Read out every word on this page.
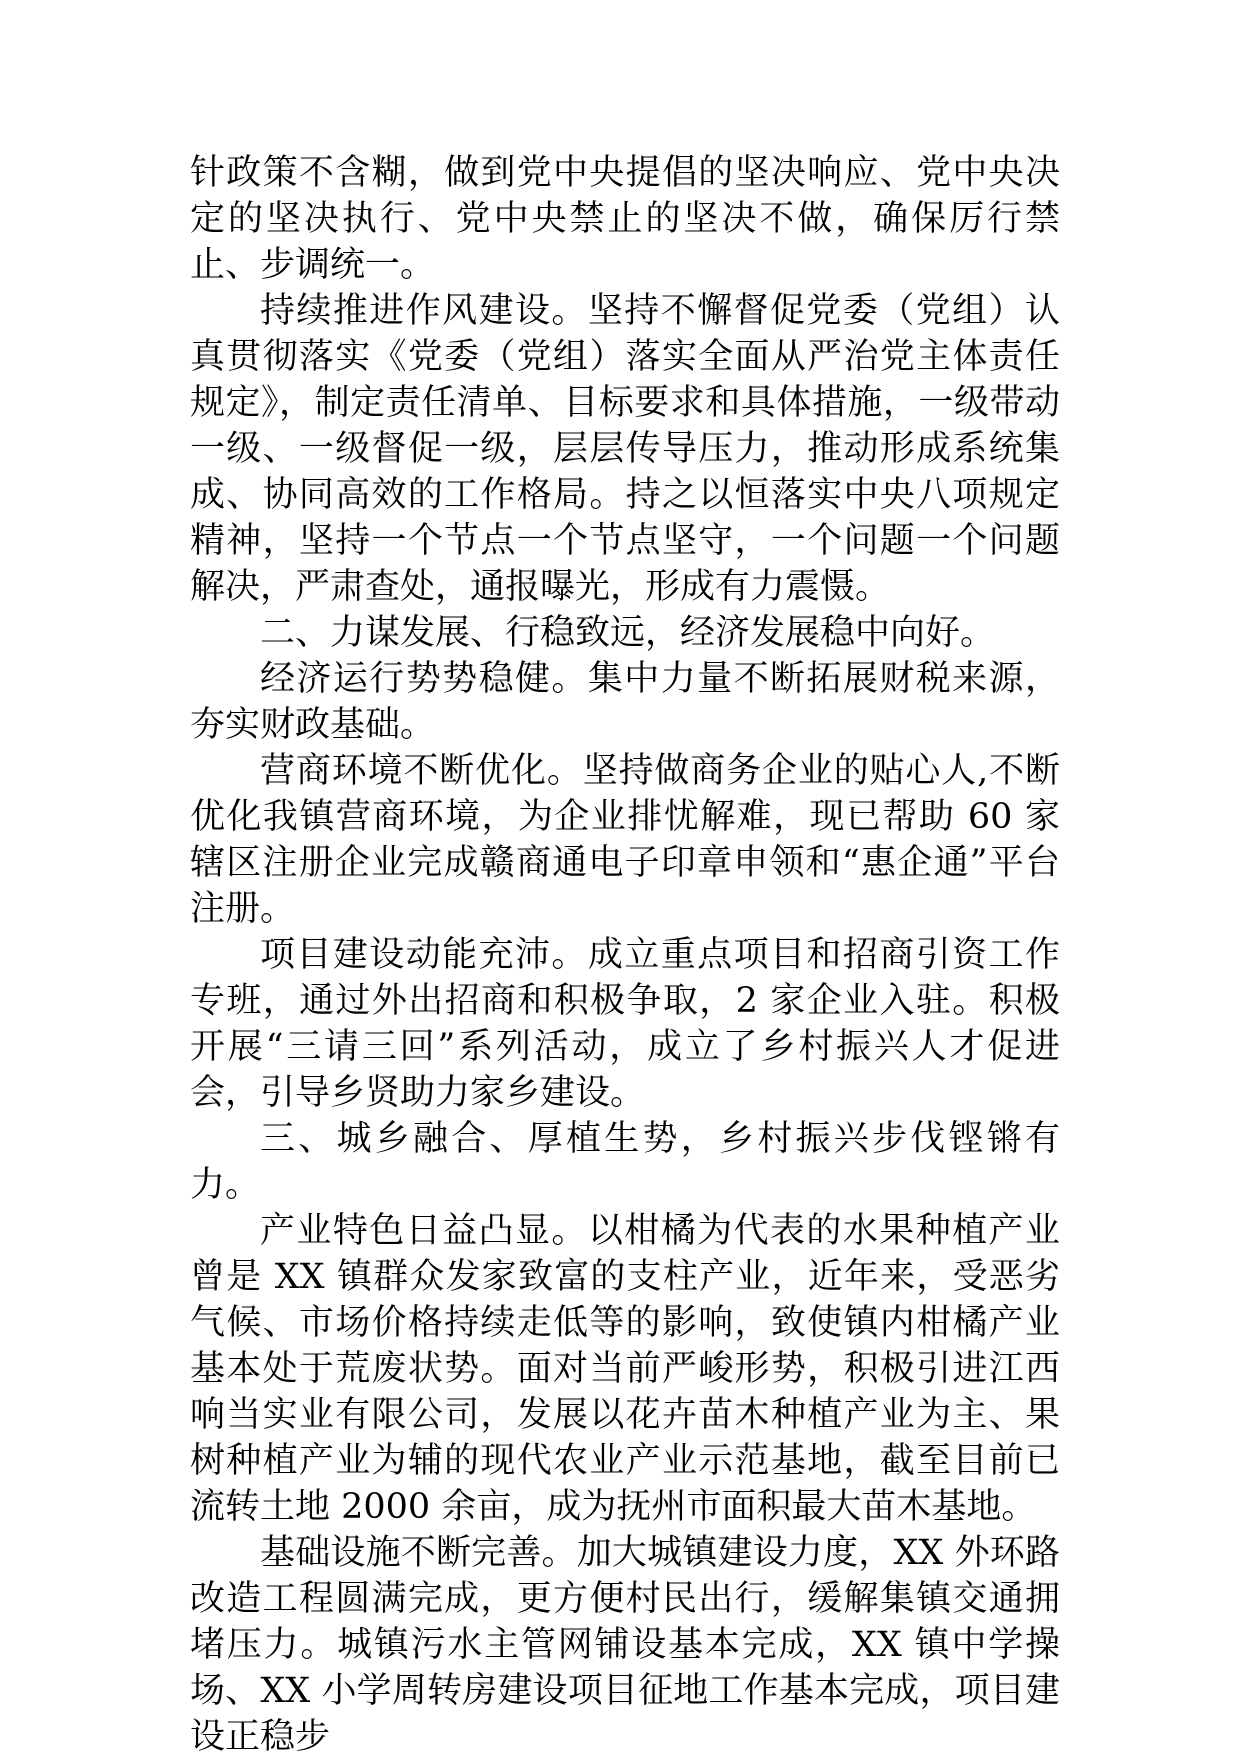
针政策不含糊，做到党中央提倡的坚决响应、党中央决定的坚决执行、党中央禁止的坚决不做，确保厉行禁止、步调统一。

持续推进作风建设。坚持不懈督促党委（党组）认真贯彻落实《党委（党组）落实全面从严治党主体责任规定》，制定责任清单、目标要求和具体措施，一级带动一级、一级督促一级，层层传导压力，推动形成系统集成、协同高效的工作格局。持之以恒落实中央八项规定精神，坚持一个节点一个节点坚守，一个问题一个问题解决，严肃查处，通报曝光，形成有力震慑。

二、力谋发展、行稳致远，经济发展稳中向好。

经济运行势势稳健。集中力量不断拓展财税来源，夯实财政基础。

营商环境不断优化。坚持做商务企业的贴心人,不断优化我镇营商环境，为企业排忧解难，现已帮助 60 家辖区注册企业完成赣商通电子印章申领和“惠企通”平台注册。

项目建设动能充沛。成立重点项目和招商引资工作专班，通过外出招商和积极争取，2 家企业入驻。积极开展“三请三回”系列活动，成立了乡村振兴人才促进会，引导乡贤助力家乡建设。

三、城乡融合、厚植生势，乡村振兴步伐铿锵有力。

产业特色日益凸显。以柑橘为代表的水果种植产业曾是 XX 镇群众发家致富的支柱产业，近年来，受恶劣气候、市场价格持续走低等的影响，致使镇内柑橘产业基本处于荒废状势。面对当前严峻形势，积极引进江西响当实业有限公司，发展以花卉苗木种植产业为主、果树种植产业为辅的现代农业产业示范基地，截至目前已流转土地 2000 余亩，成为抚州市面积最大苗木基地。

基础设施不断完善。加大城镇建设力度，XX 外环路改造工程圆满完成，更方便村民出行，缓解集镇交通拥堵压力。城镇污水主管网铺设基本完成，XX 镇中学操场、XX 小学周转房建设项目征地工作基本完成，项目建设正稳步
